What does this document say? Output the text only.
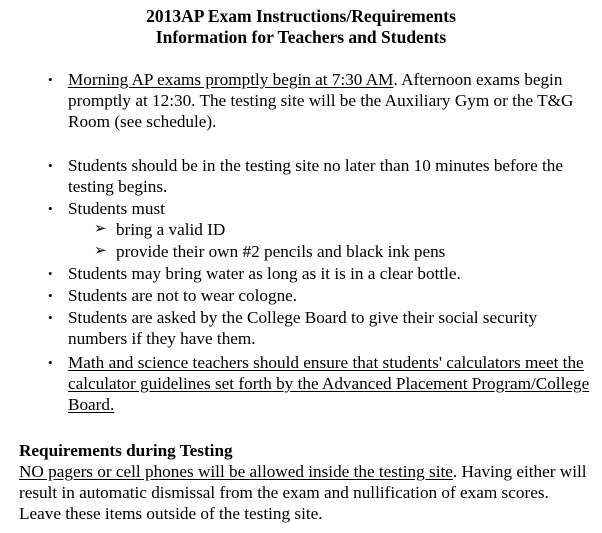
2013AP Exam Instructions/Requirements
Information for Teachers and Students
• Morning AP exams promptly begin at 7:30 AM. Afternoon exams begin promptly at 12:30. The testing site will be the Auxiliary Gym or the T&G Room (see schedule).
• Students should be in the testing site no later than 10 minutes before the testing begins.
• Students must
➢ bring a valid ID
➢ provide their own #2 pencils and black ink pens
• Students may bring water as long as it is in a clear bottle.
• Students are not to wear cologne.
• Students are asked by the College Board to give their social security numbers if they have them.
• Math and science teachers should ensure that students' calculators meet the calculator guidelines set forth by the Advanced Placement Program/College Board.
Requirements during Testing
NO pagers or cell phones will be allowed inside the testing site. Having either will result in automatic dismissal from the exam and nullification of exam scores. Leave these items outside of the testing site.
